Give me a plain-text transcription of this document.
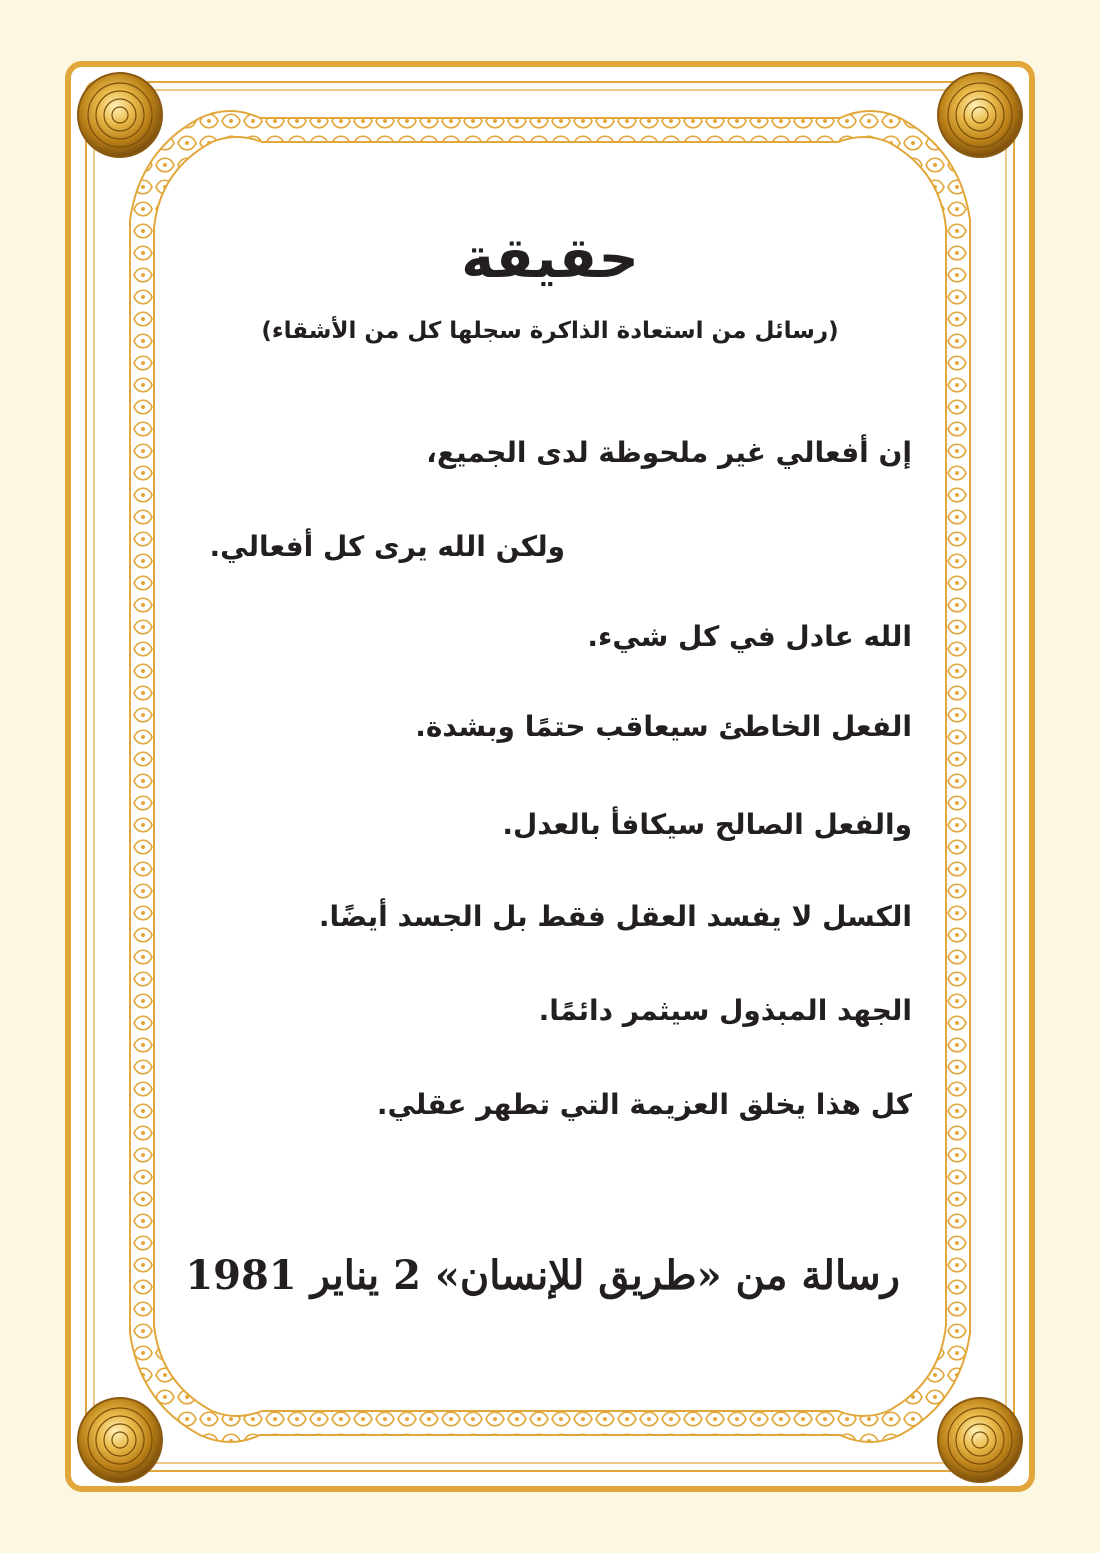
حقيقة

(رسائل من استعادة الذاكرة سجلها كل من الأشقاء)

إن أفعالي غير ملحوظة لدى الجميع،

ولكن الله يرى كل أفعالي.

الله عادل في كل شيء.

الفعل الخاطئ سيعاقب حتمًا وبشدة.

والفعل الصالح سيكافأ بالعدل.

الكسل لا يفسد العقل فقط بل الجسد أيضًا.

الجهد المبذول سيثمر دائمًا.

كل هذا يخلق العزيمة التي تطهر عقلي.

رسالة من «طريق للإنسان» 2 يناير 1981
